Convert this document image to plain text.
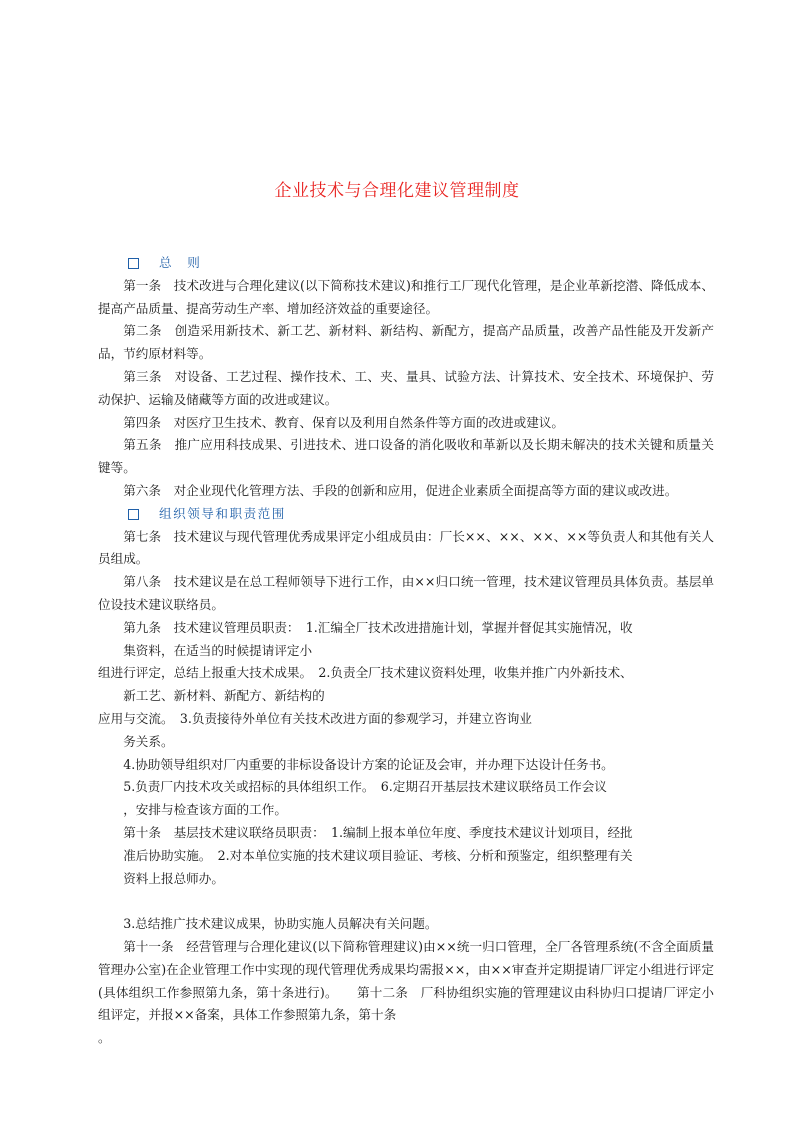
企业技术与合理化建议管理制度
总　则

第一条　技术改进与合理化建议(以下简称技术建议)和推行工厂现代化管理，是企业革新挖潜、降低成本、提高产品质量、提高劳动生产率、增加经济效益的重要途径。

第二条　创造采用新技术、新工艺、新材料、新结构、新配方，提高产品质量，改善产品性能及开发新产品，节约原材料等。

第三条　对设备、工艺过程、操作技术、工、夹、量具、试验方法、计算技术、安全技术、环境保护、劳动保护、运输及储藏等方面的改进或建议。

第四条　对医疗卫生技术、教育、保育以及利用自然条件等方面的改进或建议。

第五条　推广应用科技成果、引进技术、进口设备的消化吸收和革新以及长期未解决的技术关键和质量关键等。

第六条　对企业现代化管理方法、手段的创新和应用，促进企业素质全面提高等方面的建议或改进。

组织领导和职责范围

第七条　技术建议与现代管理优秀成果评定小组成员由：厂长××、××、××、××等负责人和其他有关人员组成。

第八条　技术建议是在总工程师领导下进行工作，由××归口统一管理，技术建议管理员具体负责。基层单位设技术建议联络员。

第九条　技术建议管理员职责：　1.汇编全厂技术改进措施计划，掌握并督促其实施情况，收

集资料，在适当的时候提请评定小

组进行评定，总结上报重大技术成果。　2.负责全厂技术建议资料处理，收集并推广内外新技术、

新工艺、新材料、新配方、新结构的

应用与交流。　3.负责接待外单位有关技术改进方面的参观学习，并建立咨询业

务关系。

4.协助领导组织对厂内重要的非标设备设计方案的论证及会审，并办理下达设计任务书。

5.负责厂内技术攻关或招标的具体组织工作。　6.定期召开基层技术建议联络员工作会议

，安排与检查该方面的工作。

第十条　基层技术建议联络员职责：　1.编制上报本单位年度、季度技术建议计划项目，经批

准后协助实施。　2.对本单位实施的技术建议项目验证、考核、分析和预鉴定，组织整理有关

资料上报总师办。

3.总结推广技术建议成果，协助实施人员解决有关问题。

第十一条　经营管理与合理化建议(以下简称管理建议)由××统一归口管理，全厂各管理系统(不含全面质量管理办公室)在企业管理工作中实现的现代管理优秀成果均需报××，由××审查并定期提请厂评定小组进行评定(具体组织工作参照第九条，第十条进行)。　　第十二条　厂科协组织实施的管理建议由科协归口提请厂评定小组评定，并报××备案，具体工作参照第九条，第十条

。
